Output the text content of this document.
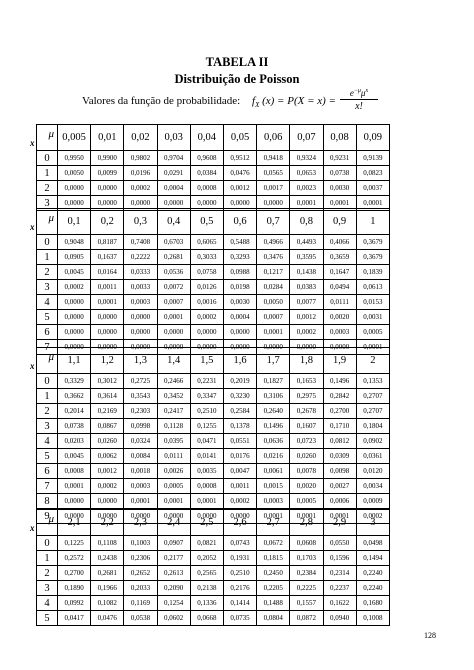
TABELA II
Distribuição de Poisson
Valores da função de probabilidade: $f_X$ (x) = P(X = x) =
$e^{-\mu}\mu^x$
x!
μ
x	0,005	0,01	0,02	0,03	0,04	0,05	0,06	0,07	0,08	0,09
0	0,9950	0,9900	0,9802	0,9704	0,9608	0,9512	0,9418	0,9324	0,9231	0,9139
1	0,0050	0,0099	0,0196	0,0291	0,0384	0,0476	0,0565	0,0653	0,0738	0,0823
2	0,0000	0,0000	0,0002	0,0004	0,0008	0,0012	0,0017	0,0023	0,0030	0,0037
3	0,0000	0,0000	0,0000	0,0000	0,0000	0,0000	0,0000	0,0001	0,0001	0,0001
μ
x	0,1	0,2	0,3	0,4	0,5	0,6	0,7	0,8	0,9	1
0	0,9048	0,8187	0,7408	0,6703	0,6065	0,5488	0,4966	0,4493	0,4066	0,3679
1	0,0905	0,1637	0,2222	0,2681	0,3033	0,3293	0,3476	0,3595	0,3659	0,3679
2	0,0045	0,0164	0,0333	0,0536	0,0758	0,0988	0,1217	0,1438	0,1647	0,1839
3	0,0002	0,0011	0,0033	0,0072	0,0126	0,0198	0,0284	0,0383	0,0494	0,0613
4	0,0000	0,0001	0,0003	0,0007	0,0016	0,0030	0,0050	0,0077	0,0111	0,0153
5	0,0000	0,0000	0,0000	0,0001	0,0002	0,0004	0,0007	0,0012	0,0020	0,0031
6	0,0000	0,0000	0,0000	0,0000	0,0000	0,0000	0,0001	0,0002	0,0003	0,0005
7	0,0000	0,0000	0,0000	0,0000	0,0000	0,0000	0,0000	0,0000	0,0000	0,0001
μ
x	1,1	1,2	1,3	1,4	1,5	1,6	1,7	1,8	1,9	2
0	0,3329	0,3012	0,2725	0,2466	0,2231	0,2019	0,1827	0,1653	0,1496	0,1353
1	0,3662	0,3614	0,3543	0,3452	0,3347	0,3230	0,3106	0,2975	0,2842	0,2707
2	0,2014	0,2169	0,2303	0,2417	0,2510	0,2584	0,2640	0,2678	0,2700	0,2707
3	0,0738	0,0867	0,0998	0,1128	0,1255	0,1378	0,1496	0,1607	0,1710	0,1804
4	0,0203	0,0260	0,0324	0,0395	0,0471	0,0551	0,0636	0,0723	0,0812	0,0902
5	0,0045	0,0062	0,0084	0,0111	0,0141	0,0176	0,0216	0,0260	0,0309	0,0361
6	0,0008	0,0012	0,0018	0,0026	0,0035	0,0047	0,0061	0,0078	0,0098	0,0120
7	0,0001	0,0002	0,0003	0,0005	0,0008	0,0011	0,0015	0,0020	0,0027	0,0034
8	0,0000	0,0000	0,0001	0,0001	0,0001	0,0002	0,0003	0,0005	0,0006	0,0009
9	0,0000	0,0000	0,0000	0,0000	0,0000	0,0000	0,0001	0,0001	0,0001	0,0002
μ
x	2,1	2,2	2,3	2,4	2,5	2,6	2,7	2,8	2,9	3
0	0,1225	0,1108	0,1003	0,0907	0,0821	0,0743	0,0672	0,0608	0,0550	0,0498
1	0,2572	0,2438	0,2306	0,2177	0,2052	0,1931	0,1815	0,1703	0,1596	0,1494
2	0,2700	0,2681	0,2652	0,2613	0,2565	0,2510	0,2450	0,2384	0,2314	0,2240
3	0,1890	0,1966	0,2033	0,2090	0,2138	0,2176	0,2205	0,2225	0,2237	0,2240
4	0,0992	0,1082	0,1169	0,1254	0,1336	0,1414	0,1488	0,1557	0,1622	0,1680
5	0,0417	0,0476	0,0538	0,0602	0,0668	0,0735	0,0804	0,0872	0,0940	0,1008
128
